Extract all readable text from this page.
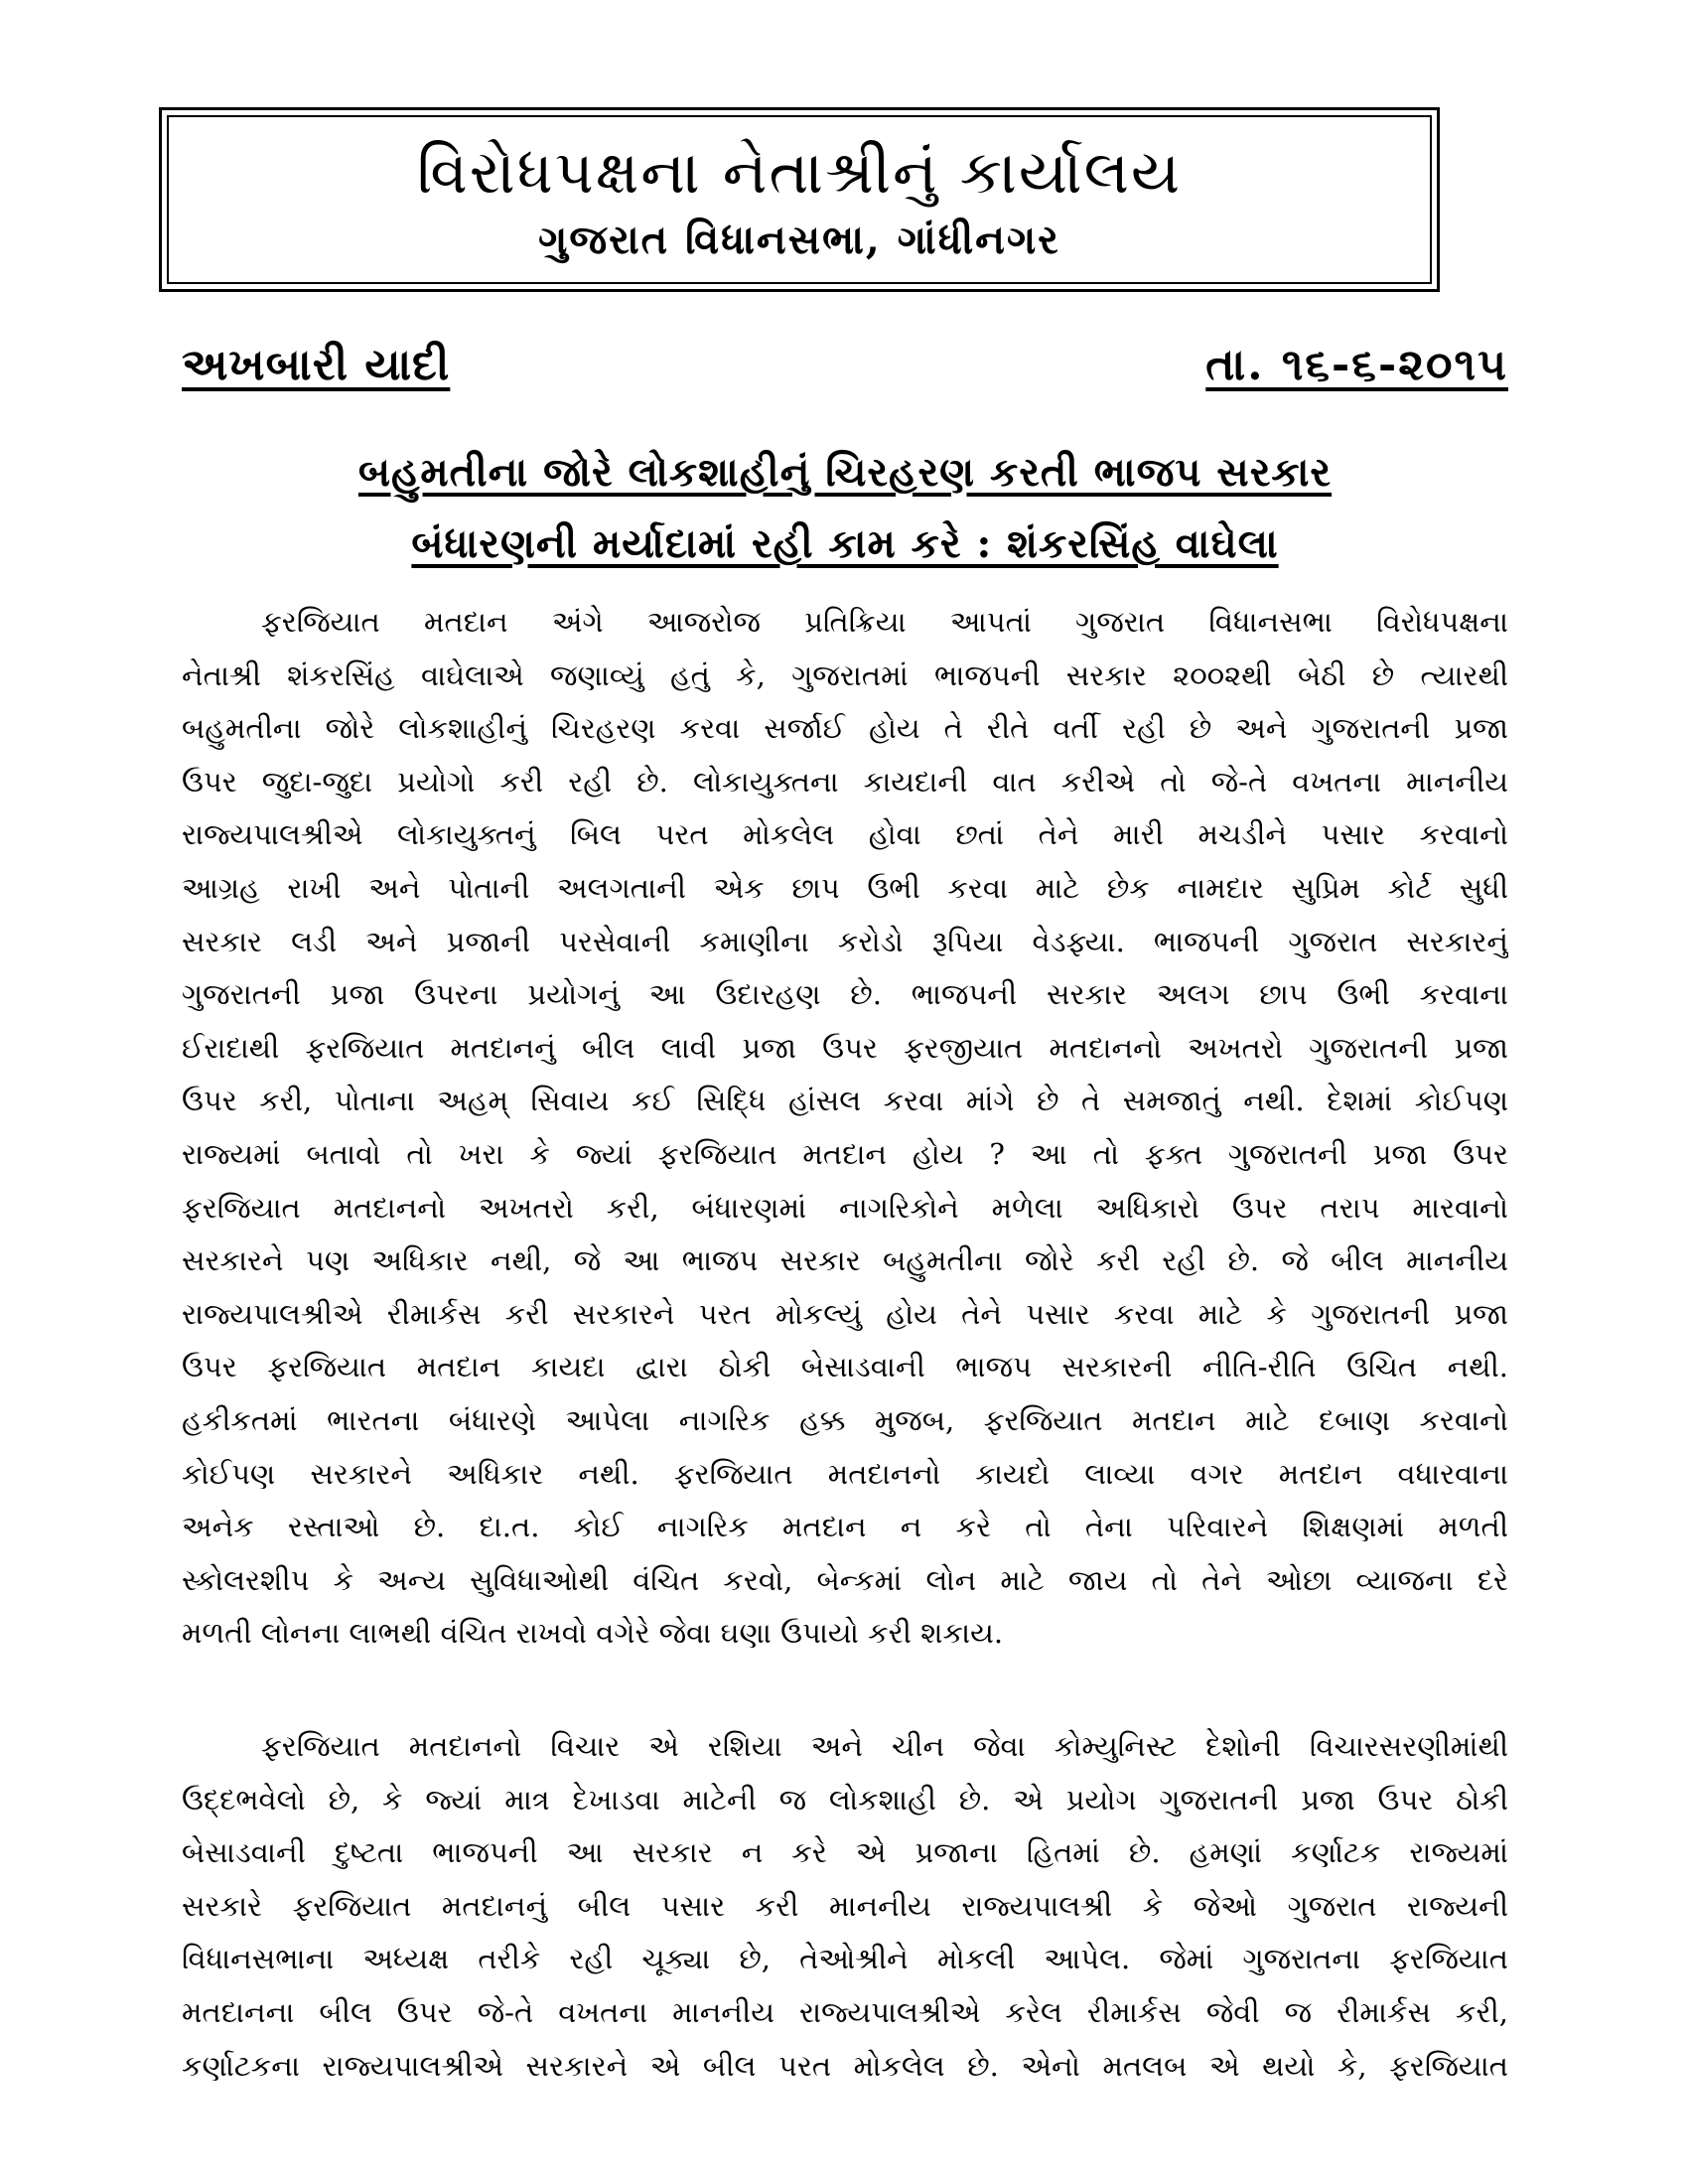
વિરોધપક્ષના નેતાશ્રીનું કાર્યાલય
ગુજરાત વિધાનસભા, ગાંધીનગર
અખબારી યાદી	તા. ૧૬-૬-૨૦૧૫
બહુમતીના જોરે લોકશાહીનું ચિરહરણ કરતી ભાજપ સરકાર
બંધારણની મર્યાદામાં રહી કામ કરે : શંકરસિંહ વાઘેલા
ફરજિયાત મતદાન અંગે આજરોજ પ્રતિક્રિયા આપતાં ગુજરાત વિધાનસભા વિરોધપક્ષના
નેતાશ્રી શંકરસિંહ વાઘેલાએ જણાવ્યું હતું કે, ગુજરાતમાં ભાજપની સરકાર ૨૦૦૨થી બેઠી છે ત્યારથી
બહુમતીના જોરે લોકશાહીનું ચિરહરણ કરવા સર્જાઈ હોય તે રીતે વર્તી રહી છે અને ગુજરાતની પ્રજા
ઉપર જુદા-જુદા પ્રયોગો કરી રહી છે. લોકાયુક્તના કાયદાની વાત કરીએ તો જે-તે વખતના માનનીય
રાજ્યપાલશ્રીએ લોકાયુક્તનું બિલ પરત મોકલેલ હોવા છતાં તેને મારી મચડીને પસાર કરવાનો
આગ્રહ રાખી અને પોતાની અલગતાની એક છાપ ઉભી કરવા માટે છેક નામદાર સુપ્રિમ કોર્ટ સુધી
સરકાર લડી અને પ્રજાની પરસેવાની કમાણીના કરોડો રૂપિયા વેડફ્યા. ભાજપની ગુજરાત સરકારનું
ગુજરાતની પ્રજા ઉપરના પ્રયોગનું આ ઉદારહણ છે. ભાજપની સરકાર અલગ છાપ ઉભી કરવાના
ઈરાદાથી ફરજિયાત મતદાનનું બીલ લાવી પ્રજા ઉપર ફરજીયાત મતદાનનો અખતરો ગુજરાતની પ્રજા
ઉપર કરી, પોતાના અહમ્ સિવાય કઈ સિદ્ધિ હાંસલ કરવા માંગે છે તે સમજાતું નથી. દેશમાં કોઈપણ
રાજ્યમાં બતાવો તો ખરા કે જ્યાં ફરજિયાત મતદાન હોય ? આ તો ફક્ત ગુજરાતની પ્રજા ઉપર
ફરજિયાત મતદાનનો અખતરો કરી, બંધારણમાં નાગરિકોને મળેલા અધિકારો ઉપર તરાપ મારવાનો
સરકારને પણ અધિકાર નથી, જે આ ભાજપ સરકાર બહુમતીના જોરે કરી રહી છે. જે બીલ માનનીય
રાજ્યપાલશ્રીએ રીમાર્કસ કરી સરકારને પરત મોકલ્યું હોય તેને પસાર કરવા માટે કે ગુજરાતની પ્રજા
ઉપર ફરજિયાત મતદાન કાયદા દ્વારા ઠોકી બેસાડવાની ભાજપ સરકારની નીતિ-રીતિ ઉચિત નથી.
હકીકતમાં ભારતના બંધારણે આપેલા નાગરિક હક્ક મુજબ, ફરજિયાત મતદાન માટે દબાણ કરવાનો
કોઈપણ સરકારને અધિકાર નથી. ફરજિયાત મતદાનનો કાયદો લાવ્યા વગર મતદાન વધારવાના
અનેક રસ્તાઓ છે. દા.ત. કોઈ નાગરિક મતદાન ન કરે તો તેના પરિવારને શિક્ષણમાં મળતી
સ્કોલરશીપ કે અન્ય સુવિધાઓથી વંચિત કરવો, બેન્કમાં લોન માટે જાય તો તેને ઓછા વ્યાજના દરે
મળતી લોનના લાભથી વંચિત રાખવો વગેરે જેવા ઘણા ઉપાયો કરી શકાય.
ફરજિયાત મતદાનનો વિચાર એ રશિયા અને ચીન જેવા કોમ્યુનિસ્ટ દેશોની વિચારસરણીમાંથી
ઉદ્દભવેલો છે, કે જ્યાં માત્ર દેખાડવા માટેની જ લોકશાહી છે. એ પ્રયોગ ગુજરાતની પ્રજા ઉપર ઠોકી
બેસાડવાની દુષ્ટતા ભાજપની આ સરકાર ન કરે એ પ્રજાના હિતમાં છે. હમણાં કર્ણાટક રાજ્યમાં
સરકારે ફરજિયાત મતદાનનું બીલ પસાર કરી માનનીય રાજ્યપાલશ્રી કે જેઓ ગુજરાત રાજ્યની
વિધાનસભાના અધ્યક્ષ તરીકે રહી ચૂક્યા છે, તેઓશ્રીને મોકલી આપેલ. જેમાં ગુજરાતના ફરજિયાત
મતદાનના બીલ ઉપર જે-તે વખતના માનનીય રાજ્યપાલશ્રીએ કરેલ રીમાર્કસ જેવી જ રીમાર્કસ કરી,
કર્ણાટકના રાજ્યપાલશ્રીએ સરકારને એ બીલ પરત મોકલેલ છે. એનો મતલબ એ થયો કે, ફરજિયાત
